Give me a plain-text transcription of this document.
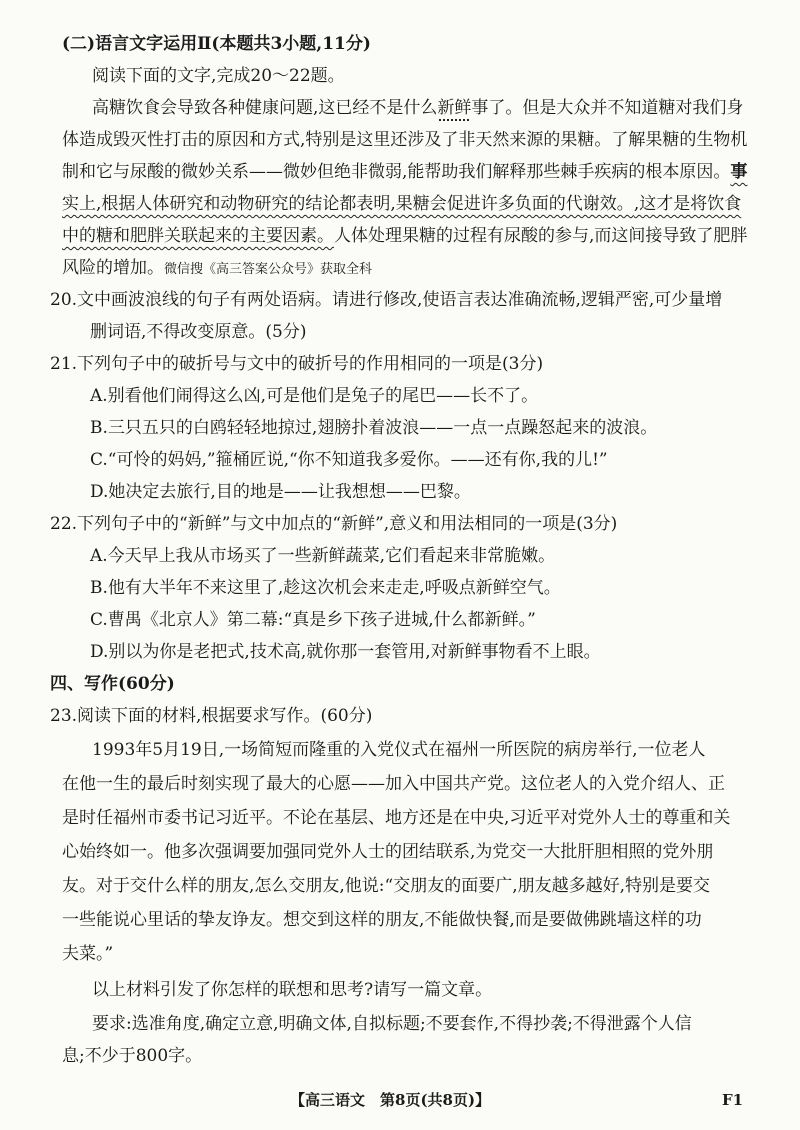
(二)语言文字运用Ⅱ(本题共3小题,11分)
阅读下面的文字,完成20～22题。
高糖饮食会导致各种健康问题,这已经不是什么新鲜事了。但是大众并不知道糖对我们身
体造成毁灭性打击的原因和方式,特别是这里还涉及了非天然来源的果糖。了解果糖的生物机
制和它与尿酸的微妙关系——微妙但绝非微弱,能帮助我们解释那些棘手疾病的根本原因。事
实上,根据人体研究和动物研究的结论都表明,果糖会促进许多负面的代谢效。,这才是将饮食
中的糖和肥胖关联起来的主要因素。人体处理果糖的过程有尿酸的参与,而这间接导致了肥胖
风险的增加。微信搜《高三答案公众号》获取全科
20.文中画波浪线的句子有两处语病。请进行修改,使语言表达准确流畅,逻辑严密,可少量增
删词语,不得改变原意。(5分)
21.下列句子中的破折号与文中的破折号的作用相同的一项是(3分)
A.别看他们闹得这么凶,可是他们是兔子的尾巴——长不了。
B.三只五只的白鸥轻轻地掠过,翅膀扑着波浪——一点一点躁怒起来的波浪。
C.“可怜的妈妈,”箍桶匠说,“你不知道我多爱你。——还有你,我的儿!”
D.她决定去旅行,目的地是——让我想想——巴黎。
22.下列句子中的“新鲜”与文中加点的“新鲜”,意义和用法相同的一项是(3分)
A.今天早上我从市场买了一些新鲜蔬菜,它们看起来非常脆嫩。
B.他有大半年不来这里了,趁这次机会来走走,呼吸点新鲜空气。
C.曹禺《北京人》第二幕:“真是乡下孩子进城,什么都新鲜。”
D.别以为你是老把式,技术高,就你那一套管用,对新鲜事物看不上眼。
四、写作(60分)
23.阅读下面的材料,根据要求写作。(60分)
1993年5月19日,一场简短而隆重的入党仪式在福州一所医院的病房举行,一位老人
在他一生的最后时刻实现了最大的心愿——加入中国共产党。这位老人的入党介绍人、正
是时任福州市委书记习近平。不论在基层、地方还是在中央,习近平对党外人士的尊重和关
心始终如一。他多次强调要加强同党外人士的团结联系,为党交一大批肝胆相照的党外朋
友。对于交什么样的朋友,怎么交朋友,他说:“交朋友的面要广,朋友越多越好,特别是要交
一些能说心里话的挚友诤友。想交到这样的朋友,不能做快餐,而是要做佛跳墙这样的功
夫菜。”
以上材料引发了你怎样的联想和思考?请写一篇文章。
要求:选准角度,确定立意,明确文体,自拟标题;不要套作,不得抄袭;不得泄露个人信
息;不少于800字。
【高三语文　第8页(共8页)】	F1
